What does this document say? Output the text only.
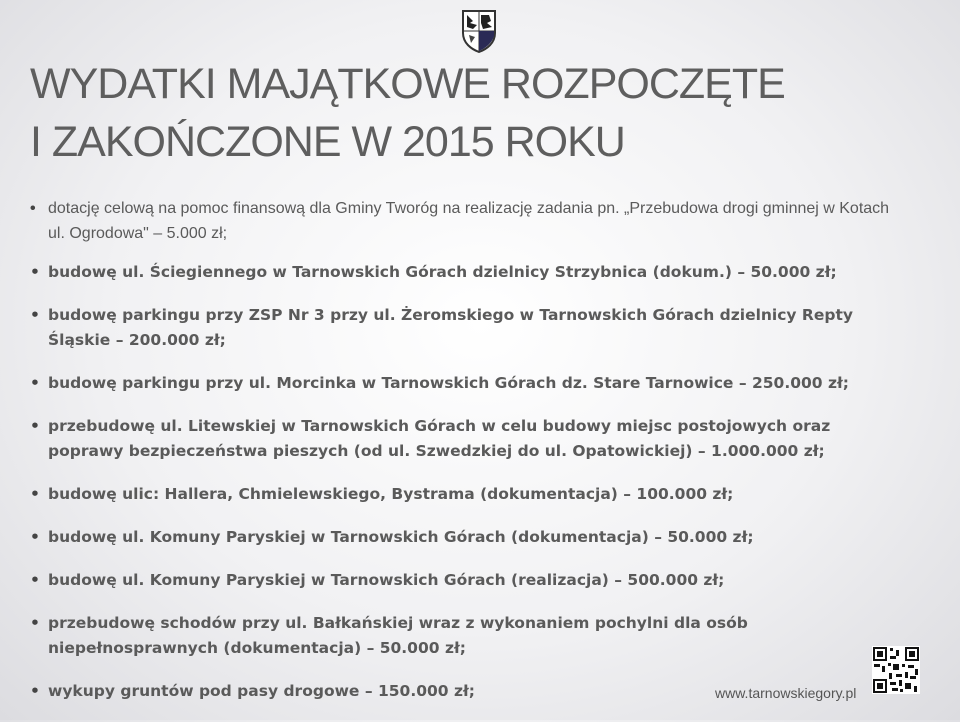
WYDATKI MAJĄTKOWE ROZPOCZĘTE
I ZAKOŃCZONE W 2015 ROKU
• dotację celową na pomoc finansową dla Gminy Tworóg na realizację zadania pn. „Przebudowa drogi gminnej w Kotach ul. Ogrodowa" – 5.000 zł;
• budowę ul. Ściegiennego w Tarnowskich Górach dzielnicy Strzybnica (dokum.) – 50.000 zł;
• budowę parkingu przy ZSP Nr 3 przy ul. Żeromskiego w Tarnowskich Górach dzielnicy Repty Śląskie – 200.000 zł;
• budowę parkingu przy ul. Morcinka w Tarnowskich Górach dz. Stare Tarnowice – 250.000 zł;
• przebudowę ul. Litewskiej w Tarnowskich Górach w celu budowy miejsc postojowych oraz poprawy bezpieczeństwa pieszych (od ul. Szwedzkiej do ul. Opatowickiej) – 1.000.000 zł;
• budowę ulic: Hallera, Chmielewskiego, Bystrama (dokumentacja) – 100.000 zł;
• budowę ul. Komuny Paryskiej w Tarnowskich Górach (dokumentacja) – 50.000 zł;
• budowę ul. Komuny Paryskiej w Tarnowskich Górach (realizacja) – 500.000 zł;
• przebudowę schodów przy ul. Bałkańskiej wraz z wykonaniem pochylni dla osób niepełnosprawnych (dokumentacja) – 50.000 zł;
• wykupy gruntów pod pasy drogowe – 150.000 zł;	www.tarnowskiegory.pl
